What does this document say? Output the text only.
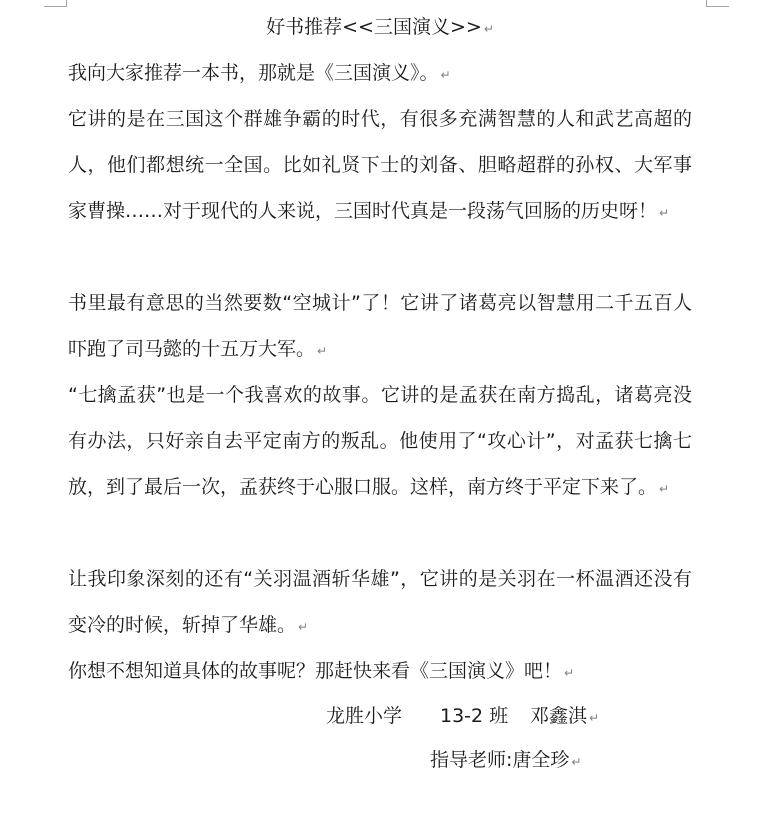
好书推荐<<三国演义>> ↵

我向大家推荐一本书，那就是《三国演义》。 ↵

它讲的是在三国这个群雄争霸的时代，有很多充满智慧的人和武艺高超的人，他们都想统一全国。比如礼贤下士的刘备、胆略超群的孙权、大军事家曹操……对于现代的人来说，三国时代真是一段荡气回肠的历史呀！ ↵

书里最有意思的当然要数“空城计”了！它讲了诸葛亮以智慧用二千五百人吓跑了司马懿的十五万大军。 ↵

“七擒孟获”也是一个我喜欢的故事。它讲的是孟获在南方捣乱，诸葛亮没有办法，只好亲自去平定南方的叛乱。他使用了“攻心计”，对孟获七擒七放，到了最后一次，孟获终于心服口服。这样，南方终于平定下来了。 ↵

让我印象深刻的还有“关羽温酒斩华雄”，它讲的是关羽在一杯温酒还没有变冷的时候，斩掉了华雄。 ↵

你想不想知道具体的故事呢？那赶快来看《三国演义》吧！ ↵

龙胜小学 13-2 班 邓鑫淇 ↵
指导老师:唐全珍 ↵
